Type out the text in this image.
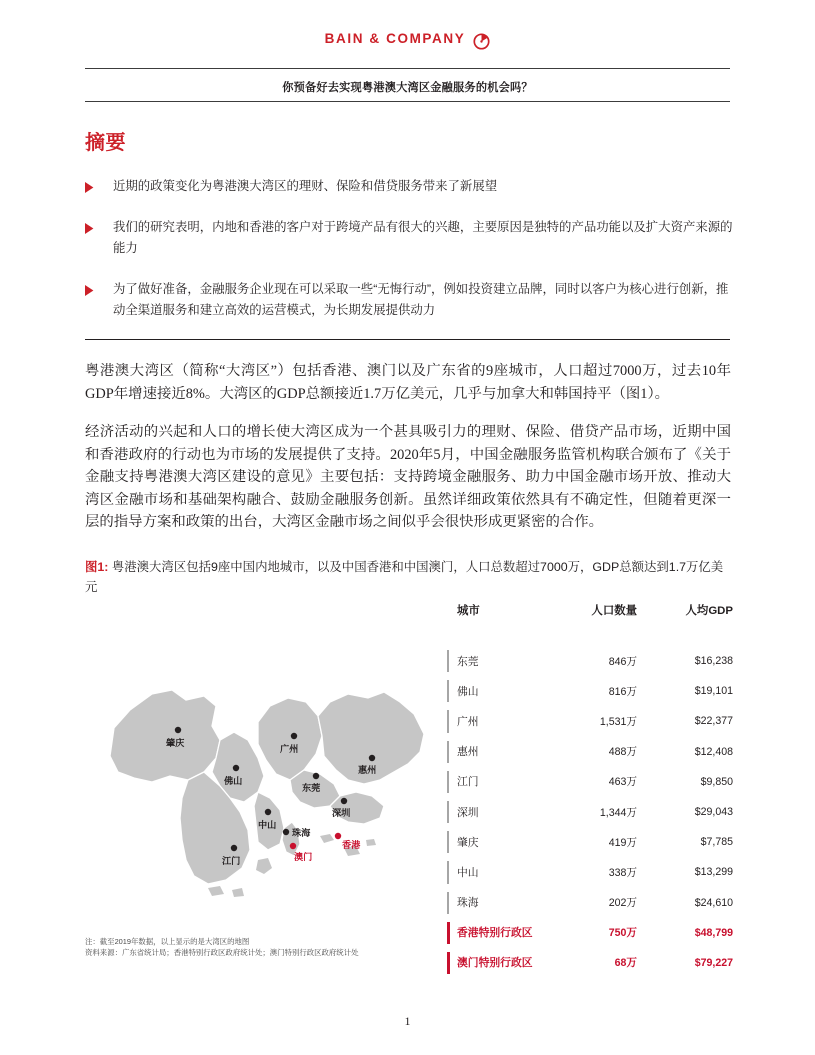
BAIN & COMPANY
你预备好去实现粤港澳大湾区金融服务的机会吗？
摘要
近期的政策变化为粤港澳大湾区的理财、保险和借贷服务带来了新展望
我们的研究表明，内地和香港的客户对于跨境产品有很大的兴趣，主要原因是独特的产品功能以及扩大资产来源的能力
为了做好准备，金融服务企业现在可以采取一些“无悔行动”，例如投资建立品牌，同时以客户为核心进行创新，推动全渠道服务和建立高效的运营模式，为长期发展提供动力

粤港澳大湾区（简称“大湾区”）包括香港、澳门以及广东省的9座城市，人口超过7000万，过去10年GDP年增速接近8%。大湾区的GDP总额接近1.7万亿美元，几乎与加拿大和韩国持平（图1）。

经济活动的兴起和人口的增长使大湾区成为一个甚具吸引力的理财、保险、借贷产品市场，近期中国和香港政府的行动也为市场的发展提供了支持。2020年5月，中国金融服务监管机构联合颁布了《关于金融支持粤港澳大湾区建设的意见》主要包括：支持跨境金融服务、助力中国金融市场开放、推动大湾区金融市场和基础架构融合、鼓励金融服务创新。虽然详细政策依然具有不确定性，但随着更深一层的指导方案和政策的出台，大湾区金融市场之间似乎会很快形成更紧密的合作。

图1: 粤港澳大湾区包括9座中国内地城市，以及中国香港和中国澳门，人口总数超过7000万，GDP总额达到1.7万亿美元
肇庆
广州
惠州
佛山
东莞
深圳
中山
珠海
香港
江门	澳门
城市	人口数量	人均GDP
东莞	846万	$16,238
佛山	816万	$19,101
广州	1,531万	$22,377
惠州	488万	$12,408
江门	463万	$9,850
深圳	1,344万	$29,043
肇庆	419万	$7,785
中山	338万	$13,299
珠海	202万	$24,610
香港特别行政区	750万	$48,799
澳门特别行政区	68万	$79,227
注：截至2019年数据，以上显示的是大湾区的地图
资料来源：广东省统计局；香港特别行政区政府统计处；澳门特别行政区政府统计处
1
